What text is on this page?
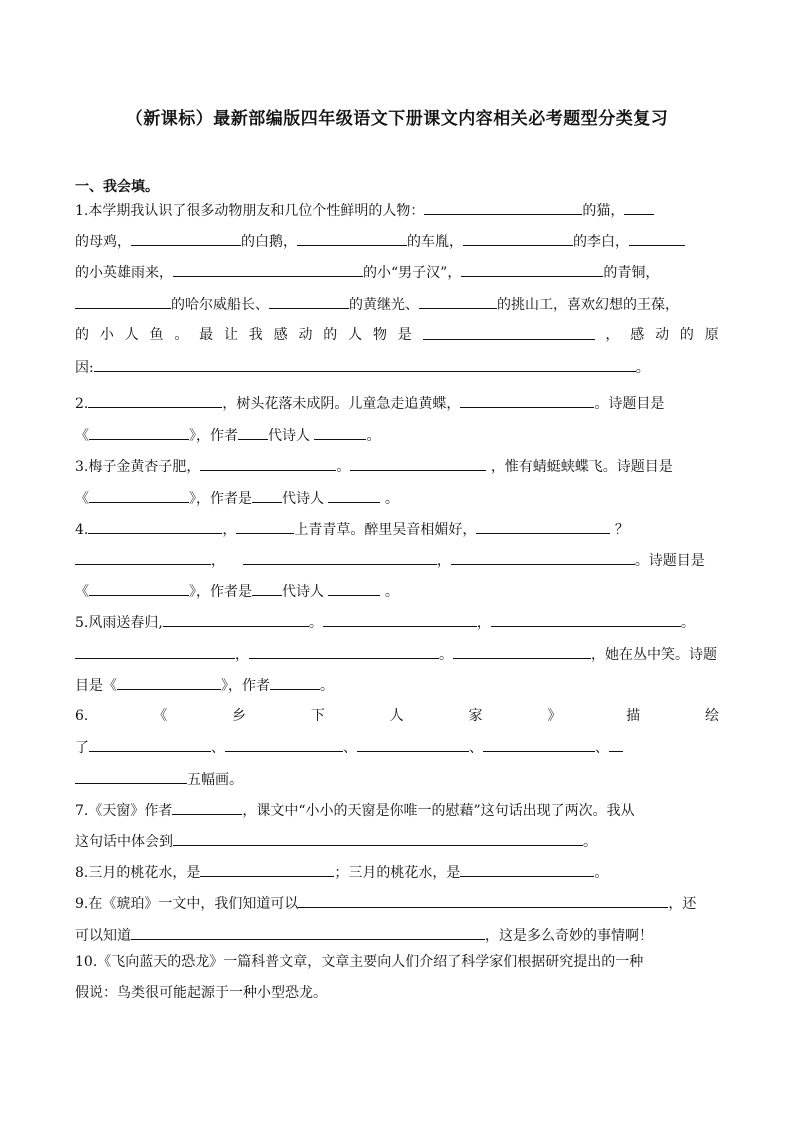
（新课标）最新部编版四年级语文下册课文内容相关必考题型分类复习
一、我会填。
1.本学期我认识了很多动物朋友和几位个性鲜明的人物：	的猫，
的母鸡，	的白鹅，	的车胤，	的李白，
的小英雄雨来，	的小“男子汉”，	的青铜，
的哈尔威船长、	的黄继光、	的挑山工，喜欢幻想的王葆，
的 小 人 鱼 。 最 让 我 感 动 的 人 物 是	， 感 动 的 原
因:	。
2.	，树头花落未成阴。儿童急走追黄蝶，	。诗题目是
《	》，作者 代诗人	。
3.梅子金黄杏子肥，	。	，惟有蜻蜓蛱蝶飞。诗题目是
《	》，作者是 代诗人	。
4.	，	上青青草。醉里吴音相媚好，	？
，	，	。诗题目是
《	》，作者是 代诗人	。
5.风雨送春归,	。	，	。
，	。	，她在丛中笑。诗题
目是《	》，作者	。
6.	《	乡	下	人	家	》	描	绘
了	、	、	、	、
五幅画。
7.《天窗》作者	，课文中“小小的天窗是你唯一的慰藉”这句话出现了两次。我从
这句话中体会到	。
8.三月的桃花水，是	；三月的桃花水，是	。
9.在《琥珀》一文中，我们知道可以	，还
可以知道	，这是多么奇妙的事情啊！
10.《飞向蓝天的恐龙》一篇科普文章，文章主要向人们介绍了科学家们根据研究提出的一种
假说：鸟类很可能起源于一种小型恐龙。
